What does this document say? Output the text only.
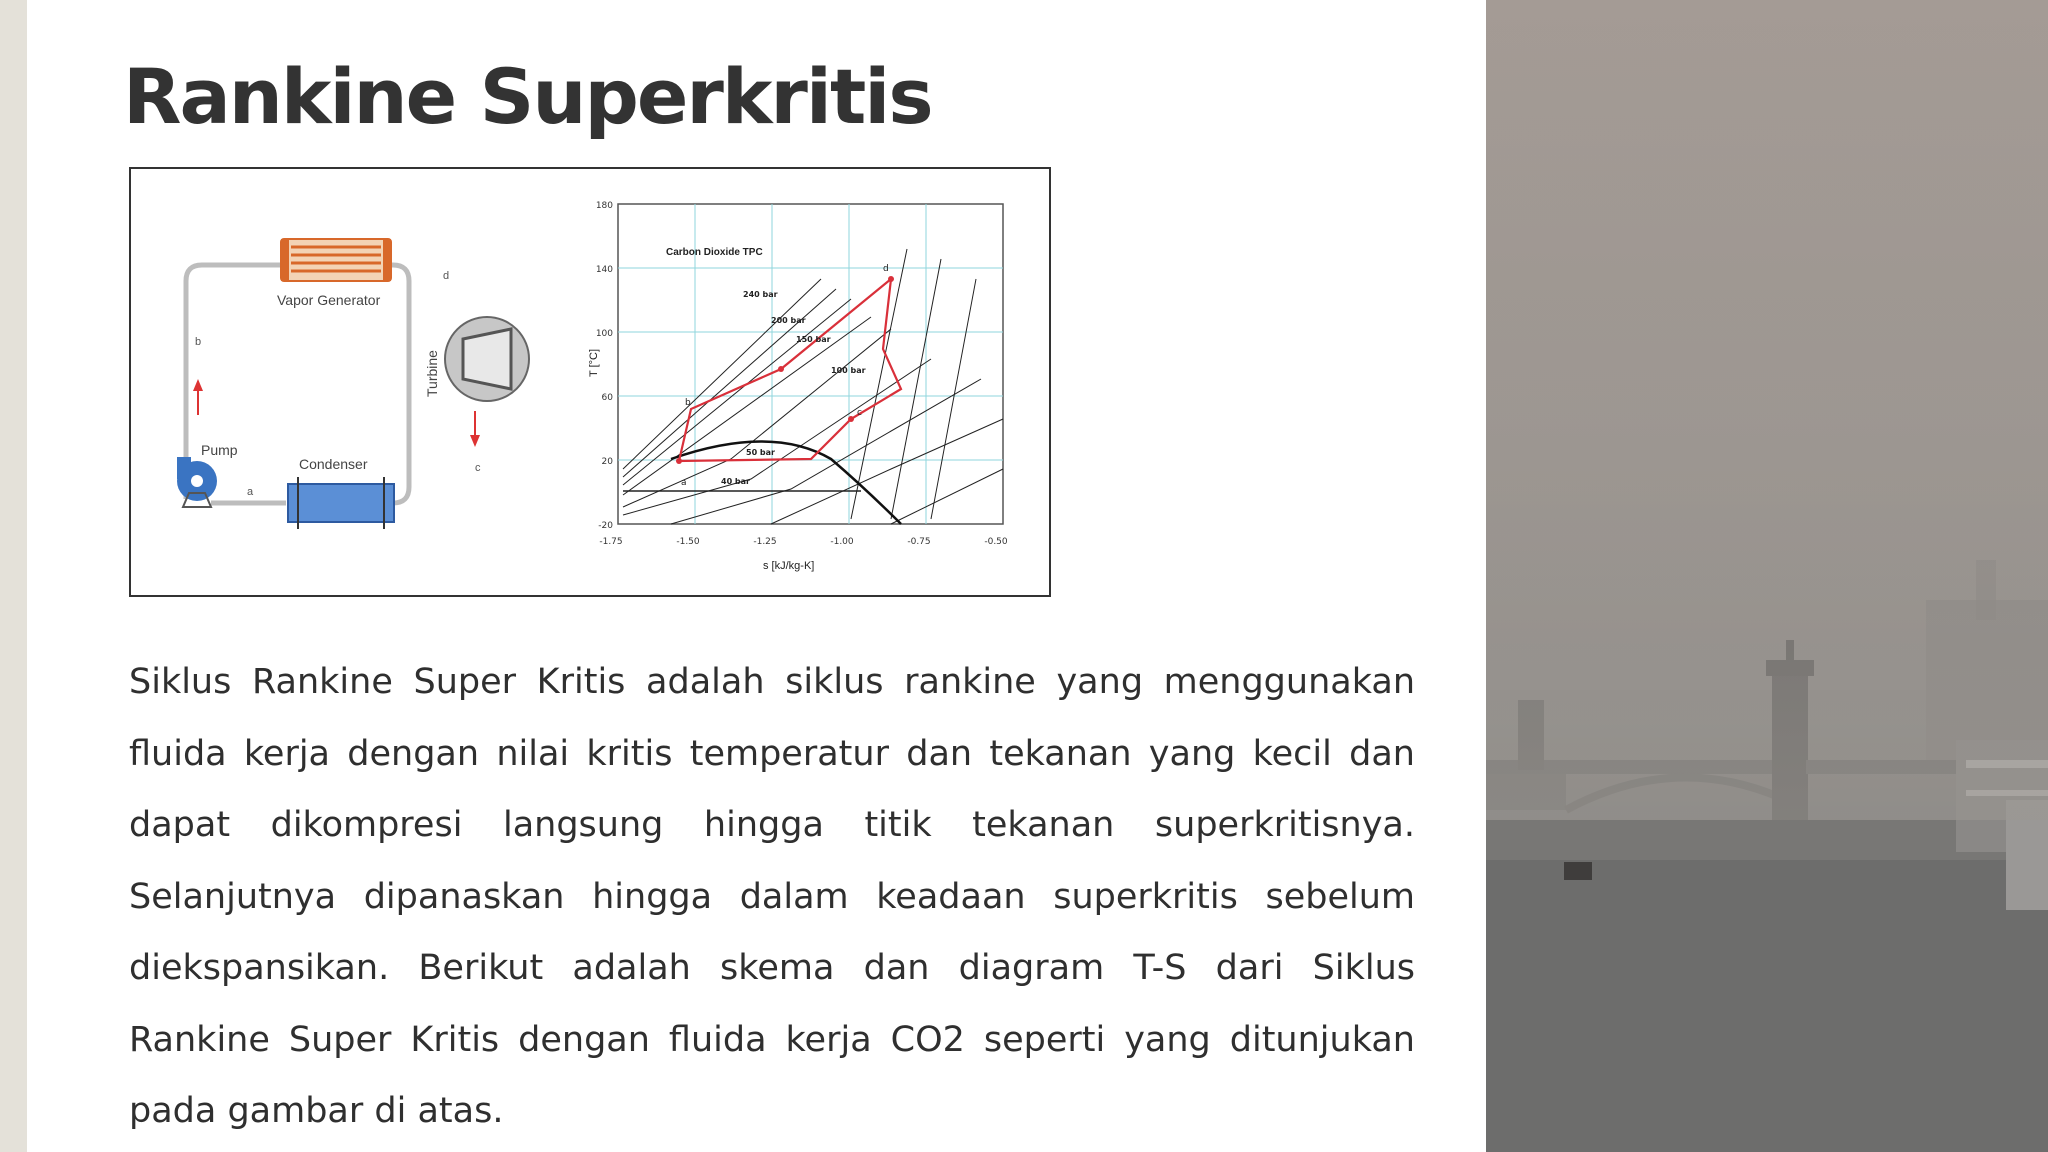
Rankine Superkritis
Vapor Generator
Turbine
Pump
Condenser
a
b
c
d
Carbon Dioxide TPC
s [kJ/kg-K]
T [°C]
-1.75	-1.50	-1.25	-1.00	-0.75	-0.50
180
140
100
60
20
-20
240 bar
200 bar
150 bar
100 bar
50 bar
40 bar
a
b
c
d

Siklus Rankine Super Kritis adalah siklus rankine yang menggunakan fluida kerja dengan nilai kritis temperatur dan tekanan yang kecil dan dapat dikompresi langsung hingga titik tekanan superkritisnya. Selanjutnya dipanaskan hingga dalam keadaan superkritis sebelum diekspansikan. Berikut adalah skema dan diagram T-S dari Siklus Rankine Super Kritis dengan fluida kerja CO2 seperti yang ditunjukan pada gambar di atas.
